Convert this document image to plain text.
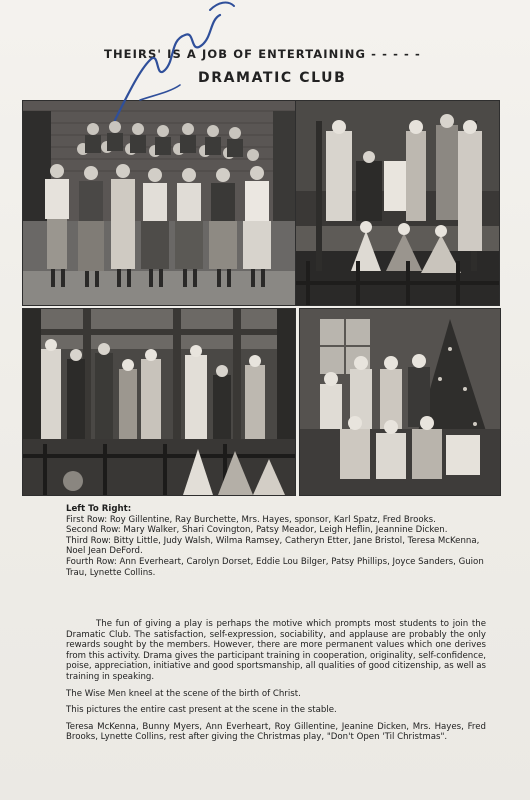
THEIRS' IS A JOB OF ENTERTAINING - - - - -
DRAMATIC CLUB

Left To Right:

First Row: Roy Gillentine, Ray Burchette, Mrs. Hayes, sponsor, Karl Spatz, Fred Brooks.

Second Row: Mary Walker, Shari Covington, Patsy Meador, Leigh Heflin, Jeannine Dicken.

Third Row: Bitty Little, Judy Walsh, Wilma Ramsey, Catheryn Etter, Jane Bristol, Teresa McKenna, Noel Jean DeFord.

Fourth Row: Ann Everheart, Carolyn Dorset, Eddie Lou Bilger, Patsy Phillips, Joyce Sanders, Guion Trau, Lynette Collins.

The fun of giving a play is perhaps the motive which prompts most students to join the Dramatic Club. The satisfaction, self-expression, sociability, and applause are probably the only rewards sought by the members. However, there are more permanent values which one derives from this activity. Drama gives the participant training in cooperation, originality, self-confidence, poise, appreciation, initiative and good sportsmanship, all qualities of good citizenship, as well as training in speaking.

The Wise Men kneel at the scene of the birth of Christ.

This pictures the entire cast present at the scene in the stable.

Teresa McKenna, Bunny Myers, Ann Everheart, Roy Gillentine, Jeanine Dicken, Mrs. Hayes, Fred Brooks, Lynette Collins, rest after giving the Christmas play, "Don't Open 'Til Christmas".
